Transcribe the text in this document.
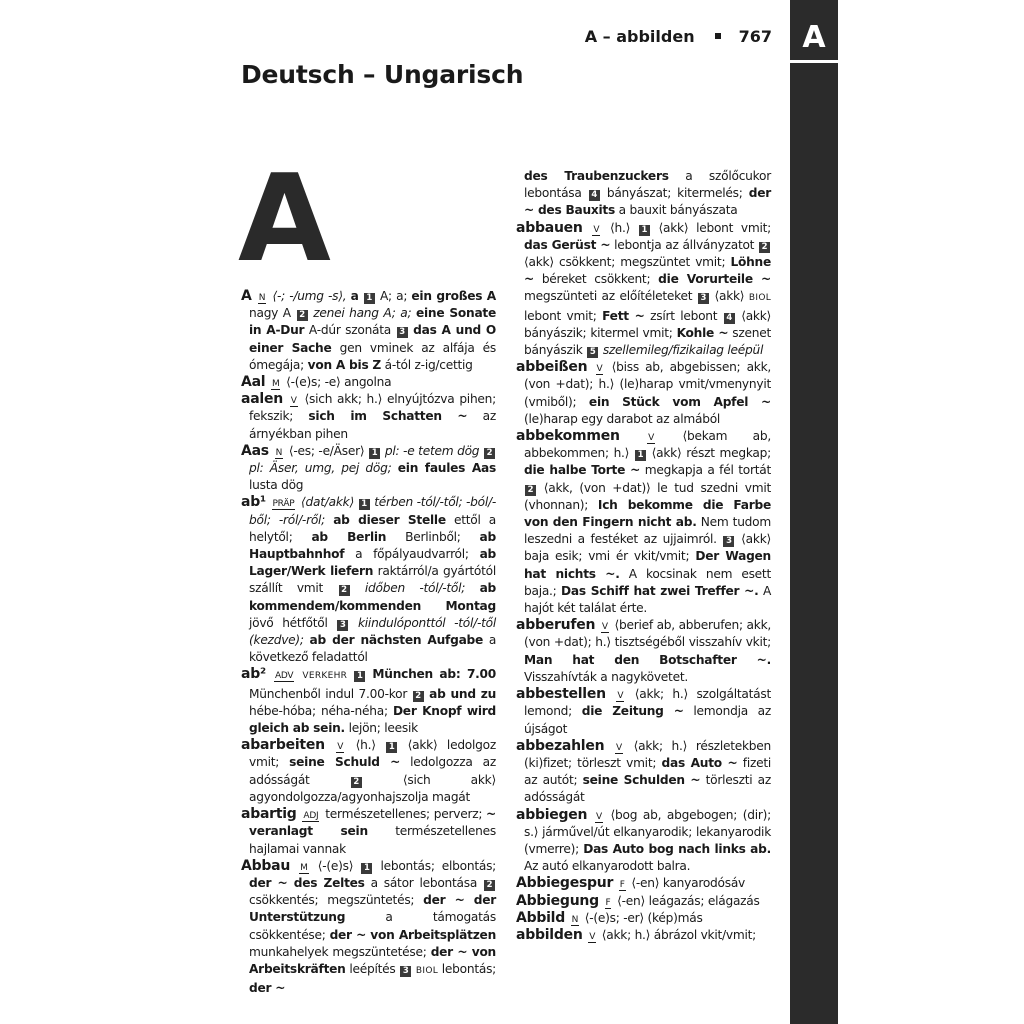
A
A – abbilden	767
Deutsch – Ungarisch
A

A N ⟨-; -/umg -s⟩, a 1 A; a; ein großes A nagy A 2 zenei hang A; a; eine Sonate in A-Dur A-dúr szonáta 3 das A und O einer Sache gen vminek az alfája és ómegája; von A bis Z á-tól z-ig/cettig

Aal M ⟨-(e)s; -e⟩ angolna

aalen V ⟨sich akk; h.⟩ elnyújtózva pihen; fekszik; sich im Schatten ~ az árnyékban pihen

Aas N ⟨-es; -e/Äser⟩ 1 pl: -e tetem dög 2 pl: Äser, umg, pej dög; ein faules Aas lusta dög

ab¹ PRÄP ⟨dat/akk⟩ 1 térben -tól/-től; -ból/-ből; -ról/-ről; ab dieser Stelle ettől a helytől; ab Berlin Berlinből; ab Hauptbahnhof a főpályaudvarról; ab Lager/Werk liefern raktárról/a gyártótól szállít vmit 2 időben -tól/-től; ab kommendem/kommenden Montag jövő hétfőtől 3 kiindulóponttól -tól/-től (kezdve); ab der nächsten Aufgabe a következő feladattól

ab² ADV VERKEHR 1 München ab: 7.00 Münchenből indul 7.00-kor 2 ab und zu hébe-hóba; néha-néha; Der Knopf wird gleich ab sein. lejön; leesik

abarbeiten V ⟨h.⟩ 1 ⟨akk⟩ ledolgoz vmit; seine Schuld ~ ledolgozza az adósságát	2	⟨sich akk⟩ agyondolgozza/agyonhajszolja magát

abartig ADJ természetellenes; perverz; ~ veranlagt sein természetellenes hajlamai vannak

Abbau M ⟨-(e)s⟩ 1 lebontás; elbontás; der ~ des Zeltes a sátor lebontása 2 csökkentés; megszüntetés; der ~ der Unterstützung	a támogatás csökkentése; der ~ von Arbeitsplätzen munkahelyek megszüntetése; der ~ von Arbeitskräften leépítés 3 BIOL lebontás; der ~

des Traubenzuckers a szőlőcukor lebontása 4 bányászat; kitermelés; der ~ des Bauxits a bauxit bányászata

abbauen V ⟨h.⟩ 1 ⟨akk⟩ lebont vmit; das Gerüst ~ lebontja az állványzatot 2 ⟨akk⟩ csökkent; megszüntet vmit; Löhne ~ béreket csökkent; die Vorurteile ~ megszünteti az előítéleteket 3 ⟨akk⟩ BIOL lebont vmit; Fett ~ zsírt lebont 4 ⟨akk⟩ bányászik; kitermel vmit; Kohle ~ szenet bányászik 5 szellemileg/fizikailag leépül

abbeißen V ⟨biss ab, abgebissen; akk, (von +dat); h.⟩ (le)harap vmit/vmenynyit (vmiből); ein Stück vom Apfel ~ (le)harap egy darabot az almából

abbekommen	V ⟨bekam ab, abbekommen; h.⟩ 1 ⟨akk⟩ részt megkap; die halbe Torte ~ megkapja a fél tortát 2 ⟨akk, (von +dat)⟩ le tud szedni vmit (vhonnan); Ich bekomme die Farbe von den Fingern nicht ab. Nem tudom leszedni a festéket az ujjaimról. 3 ⟨akk⟩ baja esik; vmi ér vkit/vmit; Der Wagen hat nichts ~. A kocsinak nem esett baja.; Das Schiff hat zwei Treffer ~. A hajót két találat érte.

abberufen V ⟨berief ab, abberufen; akk, (von +dat); h.⟩ tisztségéből visszahív vkit; Man hat den Botschafter ~. Visszahívták a nagykövetet.

abbestellen V ⟨akk; h.⟩ szolgáltatást lemond; die Zeitung ~ lemondja az újságot

abbezahlen V ⟨akk; h.⟩ részletekben (ki)fizet; törleszt vmit; das Auto ~ fizeti az autót; seine Schulden ~ törleszti az adósságát

abbiegen V ⟨bog ab, abgebogen; (dir); s.⟩ járművel/út elkanyarodik; lekanyarodik (vmerre); Das Auto bog nach links ab. Az autó elkanyarodott balra.

Abbiegespur F ⟨-en⟩ kanyarodósáv

Abbiegung F ⟨-en⟩ leágazás; elágazás

Abbild N ⟨-(e)s; -er⟩ (kép)más

abbilden V ⟨akk; h.⟩ ábrázol vkit/vmit;
